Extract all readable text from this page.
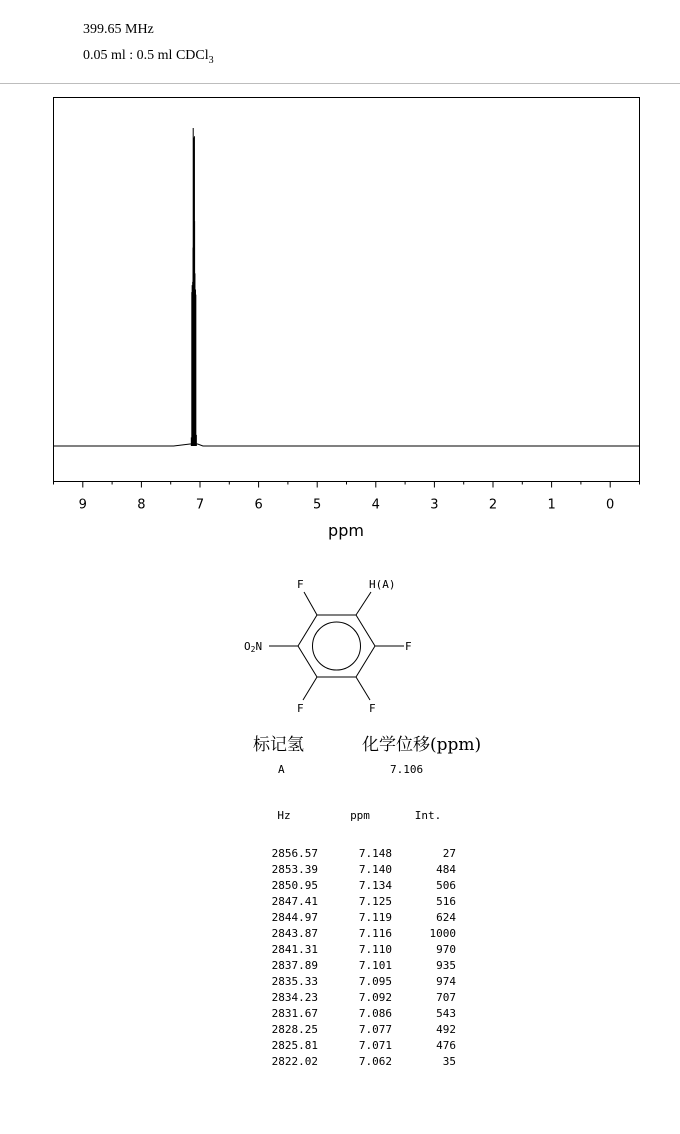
399.65 MHz
0.05 ml : 0.5 ml CDCl$_3$
9	8	7	6	5	4	3	2	1	0
ppm
F	H(A)
F
F
F
O2N
标记氢	化学位移(ppm)
A	7.106
Hz	ppm	Int.

2856.57	7.148	27
2853.39	7.140	484
2850.95	7.134	506
2847.41	7.125	516
2844.97	7.119	624
2843.87	7.116	1000
2841.31	7.110	970
2837.89	7.101	935
2835.33	7.095	974
2834.23	7.092	707
2831.67	7.086	543
2828.25	7.077	492
2825.81	7.071	476
2822.02	7.062	35
